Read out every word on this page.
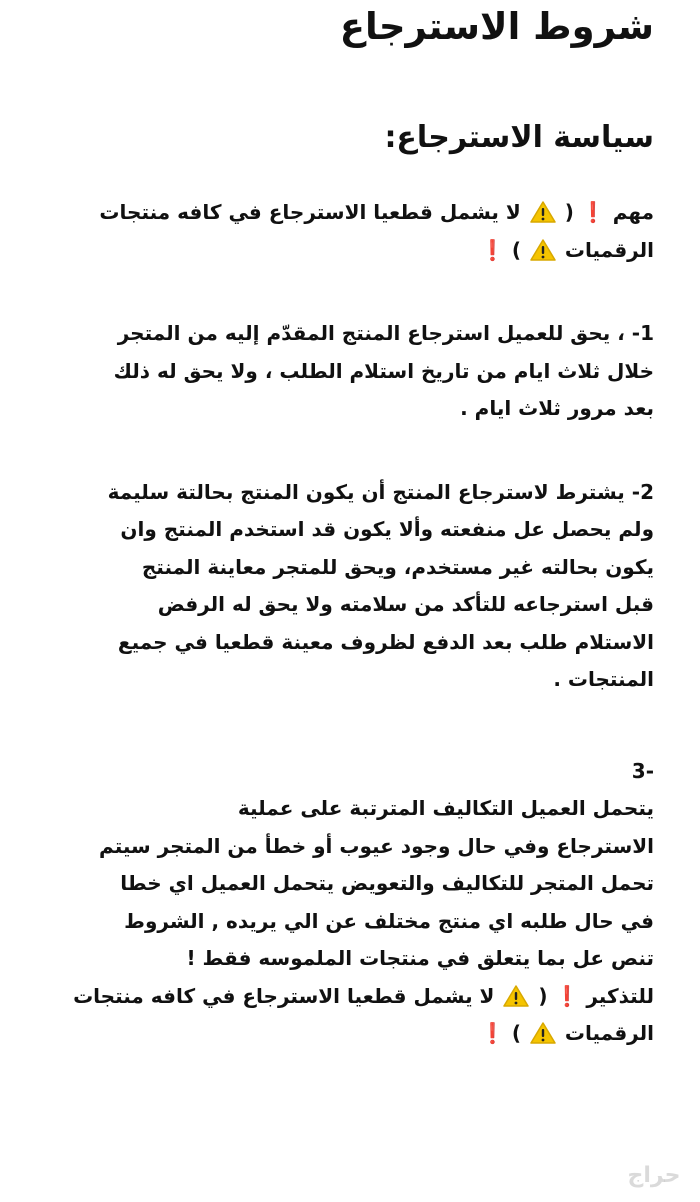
شروط الاسترجاع
سياسة الاسترجاع:

مهم ❗ (  لا يشمل قطعيا الاسترجاع في كافه منتجات
الرقميات  ) ❗

1- ، يحق للعميل استرجاع المنتج المقدّم إليه من المتجر
خلال ثلاث ايام من تاريخ استلام الطلب ، ولا يحق له ذلك
بعد مرور ثلاث ايام .

2- يشترط لاسترجاع المنتج أن يكون المنتج بحالتة سليمة
ولم يحصل عل منفعته وألا يكون قد استخدم المنتج وان
يكون بحالته غير مستخدم، ويحق للمتجر معاينة المنتج
قبل استرجاعه للتأكد من سلامته ولا يحق له الرفض
الاستلام طلب بعد الدفع لظروف معينة قطعيا في جميع
المنتجات .

-3
يتحمل العميل التكاليف المترتبة على عملية
الاسترجاع وفي حال وجود عيوب أو خطأ من المتجر سيتم
تحمل المتجر للتكاليف والتعويض يتحمل العميل اي خطا
في حال طلبه اي منتج مختلف عن الي يريده , الشروط
تنص عل بما يتعلق في منتجات الملموسه فقط !

للتذكير ❗ (  لا يشمل قطعيا الاسترجاع في كافه منتجات
الرقميات  ) ❗

حراج
